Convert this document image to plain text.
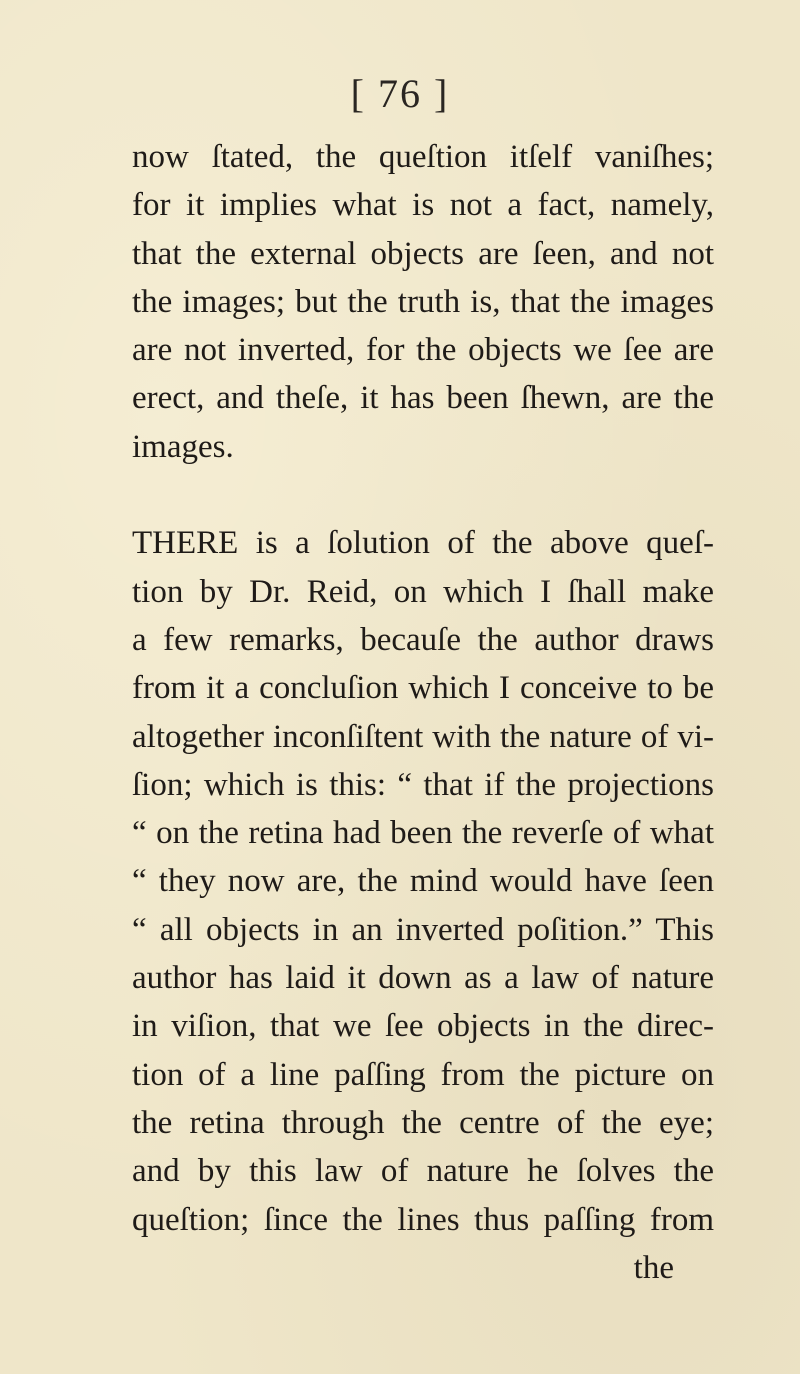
[ 76 ]
now ſtated, the queſtion itſelf vaniſhes;
for it implies what is not a fact, namely,
that the external objects are ſeen, and not
the images; but the truth is, that the images
are not inverted, for the objects we ſee are
erect, and theſe, it has been ſhewn, are the
images.
THERE is a ſolution of the above queſ-
tion by Dr. Reid, on which I ſhall make
a few remarks, becauſe the author draws
from it a concluſion which I conceive to be
altogether inconſiſtent with the nature of vi-
ſion; which is this: “ that if the projections
“ on the retina had been the reverſe of what
“ they now are, the mind would have ſeen
“ all objects in an inverted poſition.” This
author has laid it down as a law of nature
in viſion, that we ſee objects in the direc-
tion of a line paſſing from the picture on
the retina through the centre of the eye;
and by this law of nature he ſolves the
queſtion; ſince the lines thus paſſing from
the
